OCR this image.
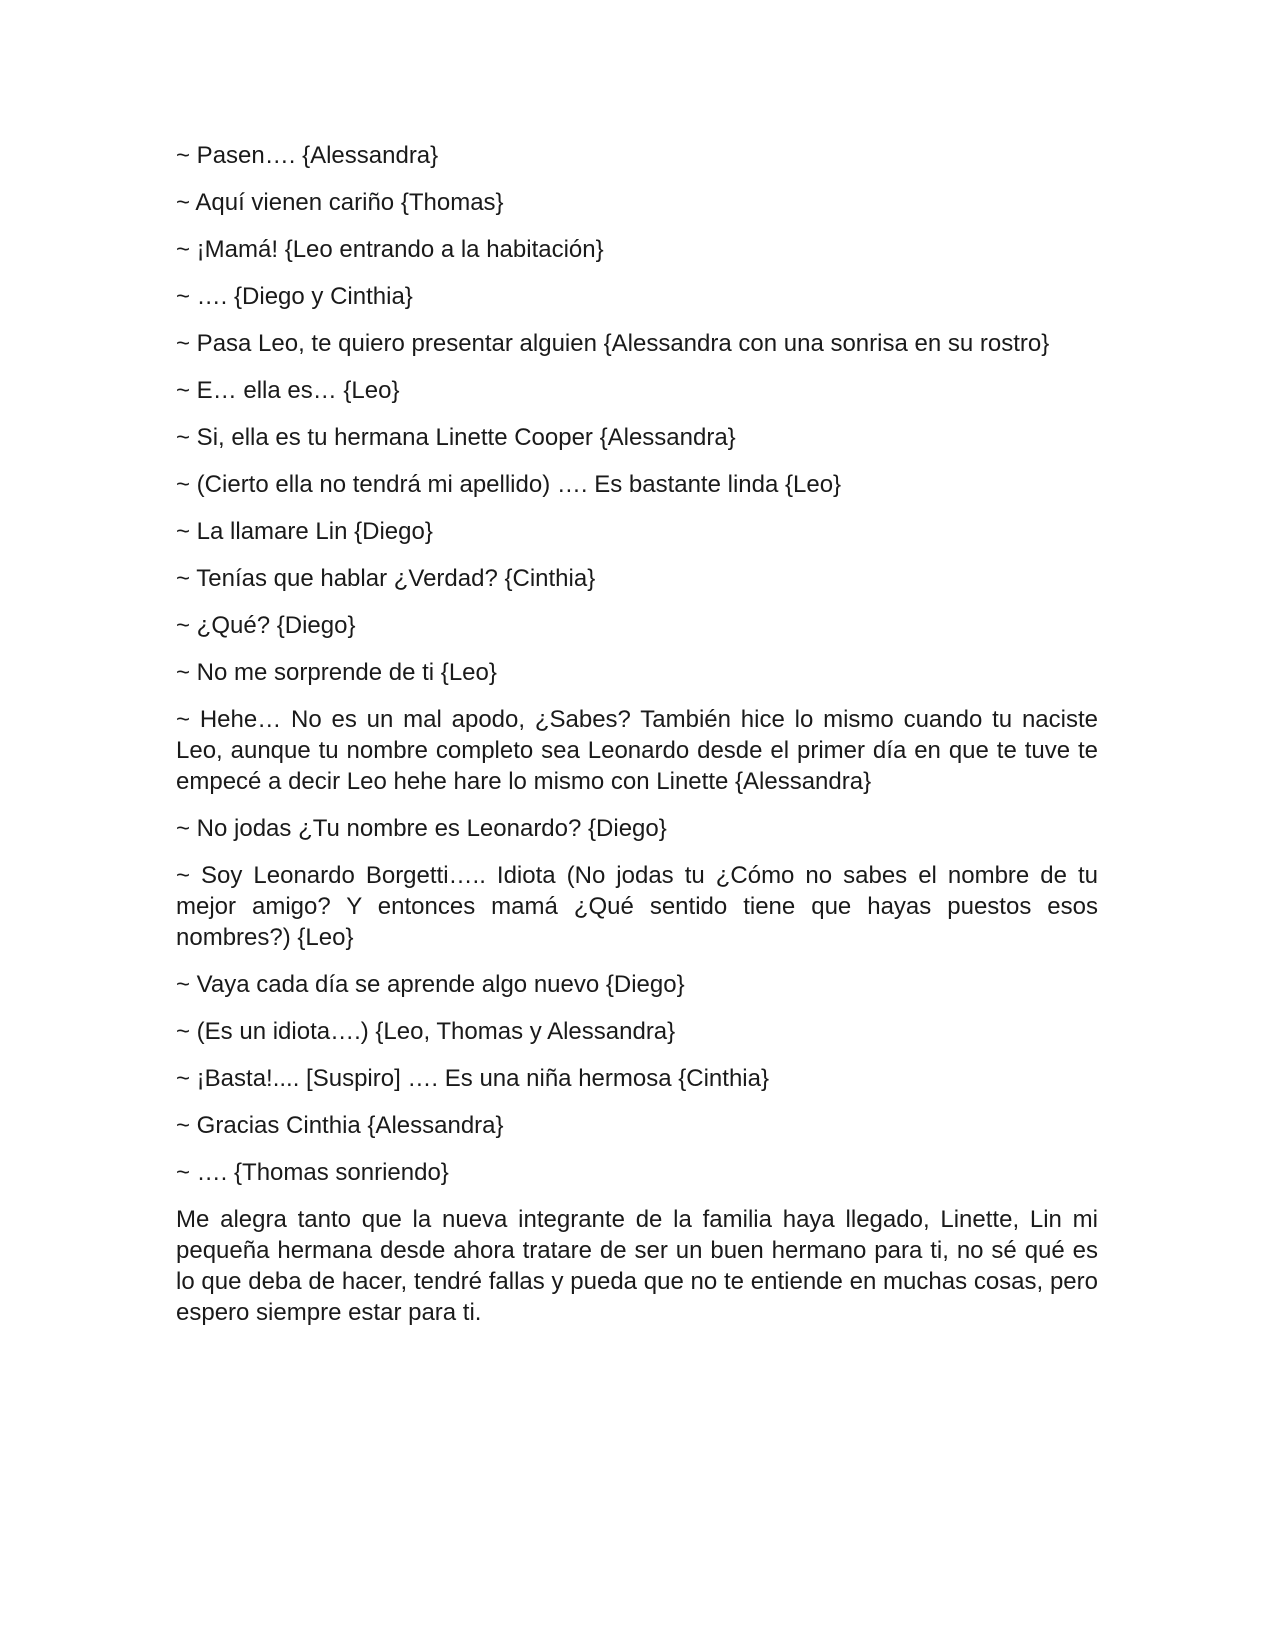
~ Pasen…. {Alessandra}

~ Aquí vienen cariño {Thomas}

~ ¡Mamá! {Leo entrando a la habitación}

~ …. {Diego y Cinthia}

~ Pasa Leo, te quiero presentar alguien {Alessandra con una sonrisa en su rostro}

~ E… ella es… {Leo}

~ Si, ella es tu hermana Linette Cooper {Alessandra}

~ (Cierto ella no tendrá mi apellido) …. Es bastante linda {Leo}

~ La llamare Lin {Diego}

~ Tenías que hablar ¿Verdad? {Cinthia}

~ ¿Qué? {Diego}

~ No me sorprende de ti {Leo}

~ Hehe… No es un mal apodo, ¿Sabes? También hice lo mismo cuando tu naciste Leo, aunque tu nombre completo sea Leonardo desde el primer día en que te tuve te empecé a decir Leo hehe hare lo mismo con Linette {Alessandra}

~ No jodas ¿Tu nombre es Leonardo? {Diego}

~ Soy Leonardo Borgetti….. Idiota (No jodas tu ¿Cómo no sabes el nombre de tu mejor amigo? Y entonces mamá ¿Qué sentido tiene que hayas puestos esos nombres?) {Leo}

~ Vaya cada día se aprende algo nuevo {Diego}

~ (Es un idiota….) {Leo, Thomas y Alessandra}

~ ¡Basta!.... [Suspiro] …. Es una niña hermosa {Cinthia}

~ Gracias Cinthia {Alessandra}

~ …. {Thomas sonriendo}

Me alegra tanto que la nueva integrante de la familia haya llegado, Linette, Lin mi pequeña hermana desde ahora tratare de ser un buen hermano para ti, no sé qué es lo que deba de hacer, tendré fallas y pueda que no te entiende en muchas cosas, pero espero siempre estar para ti.
